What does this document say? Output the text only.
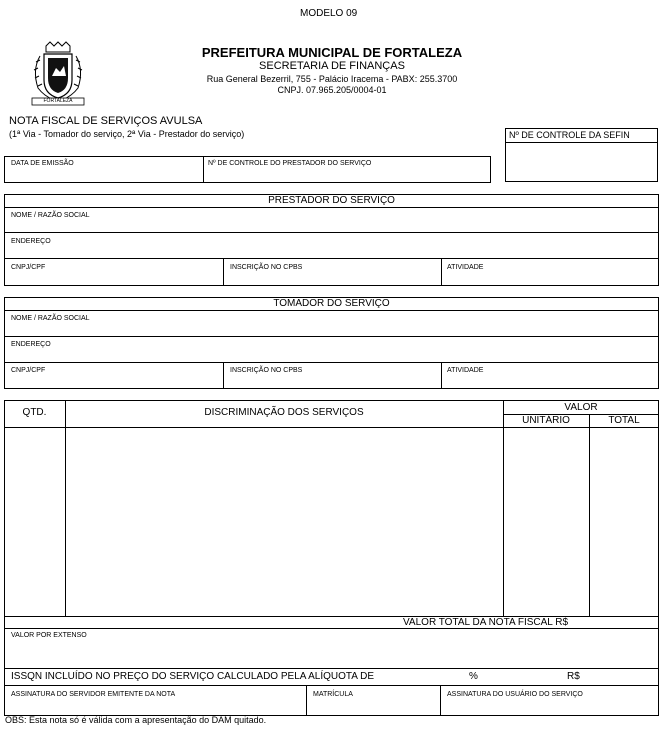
MODELO 09
FORTALEZA
PREFEITURA MUNICIPAL DE FORTALEZA
SECRETARIA DE FINANÇAS
Rua General Bezerril, 755 - Palácio Iracema - PABX: 255.3700
CNPJ. 07.965.205/0004-01
NOTA FISCAL DE SERVIÇOS AVULSA
(1ª Via - Tomador do serviço, 2ª Via - Prestador do serviço)	Nº DE CONTROLE DA SEFIN
DATA DE EMISSÃO	Nº DE CONTROLE DO PRESTADOR DO SERVIÇO
PRESTADOR DO SERVIÇO
NOME / RAZÃO SOCIAL
ENDEREÇO
CNPJ/CPF	INSCRIÇÃO NO CPBS	ATIVIDADE
TOMADOR DO SERVIÇO
NOME / RAZÃO SOCIAL
ENDEREÇO
CNPJ/CPF	INSCRIÇÃO NO CPBS	ATIVIDADE
QTD.	DISCRIMINAÇÃO DOS SERVIÇOS	VALOR
UNITÁRIO	TOTAL
VALOR TOTAL DA NOTA FISCAL R$
VALOR POR EXTENSO
ISSQN INCLUÍDO NO PREÇO DO SERVIÇO CALCULADO PELA ALÍQUOTA DE	%	R$
ASSINATURA DO SERVIDOR EMITENTE DA NOTA	MATRÍCULA	ASSINATURA DO USUÁRIO DO SERVIÇO
OBS: Esta nota só é válida com a apresentação do DAM quitado.
